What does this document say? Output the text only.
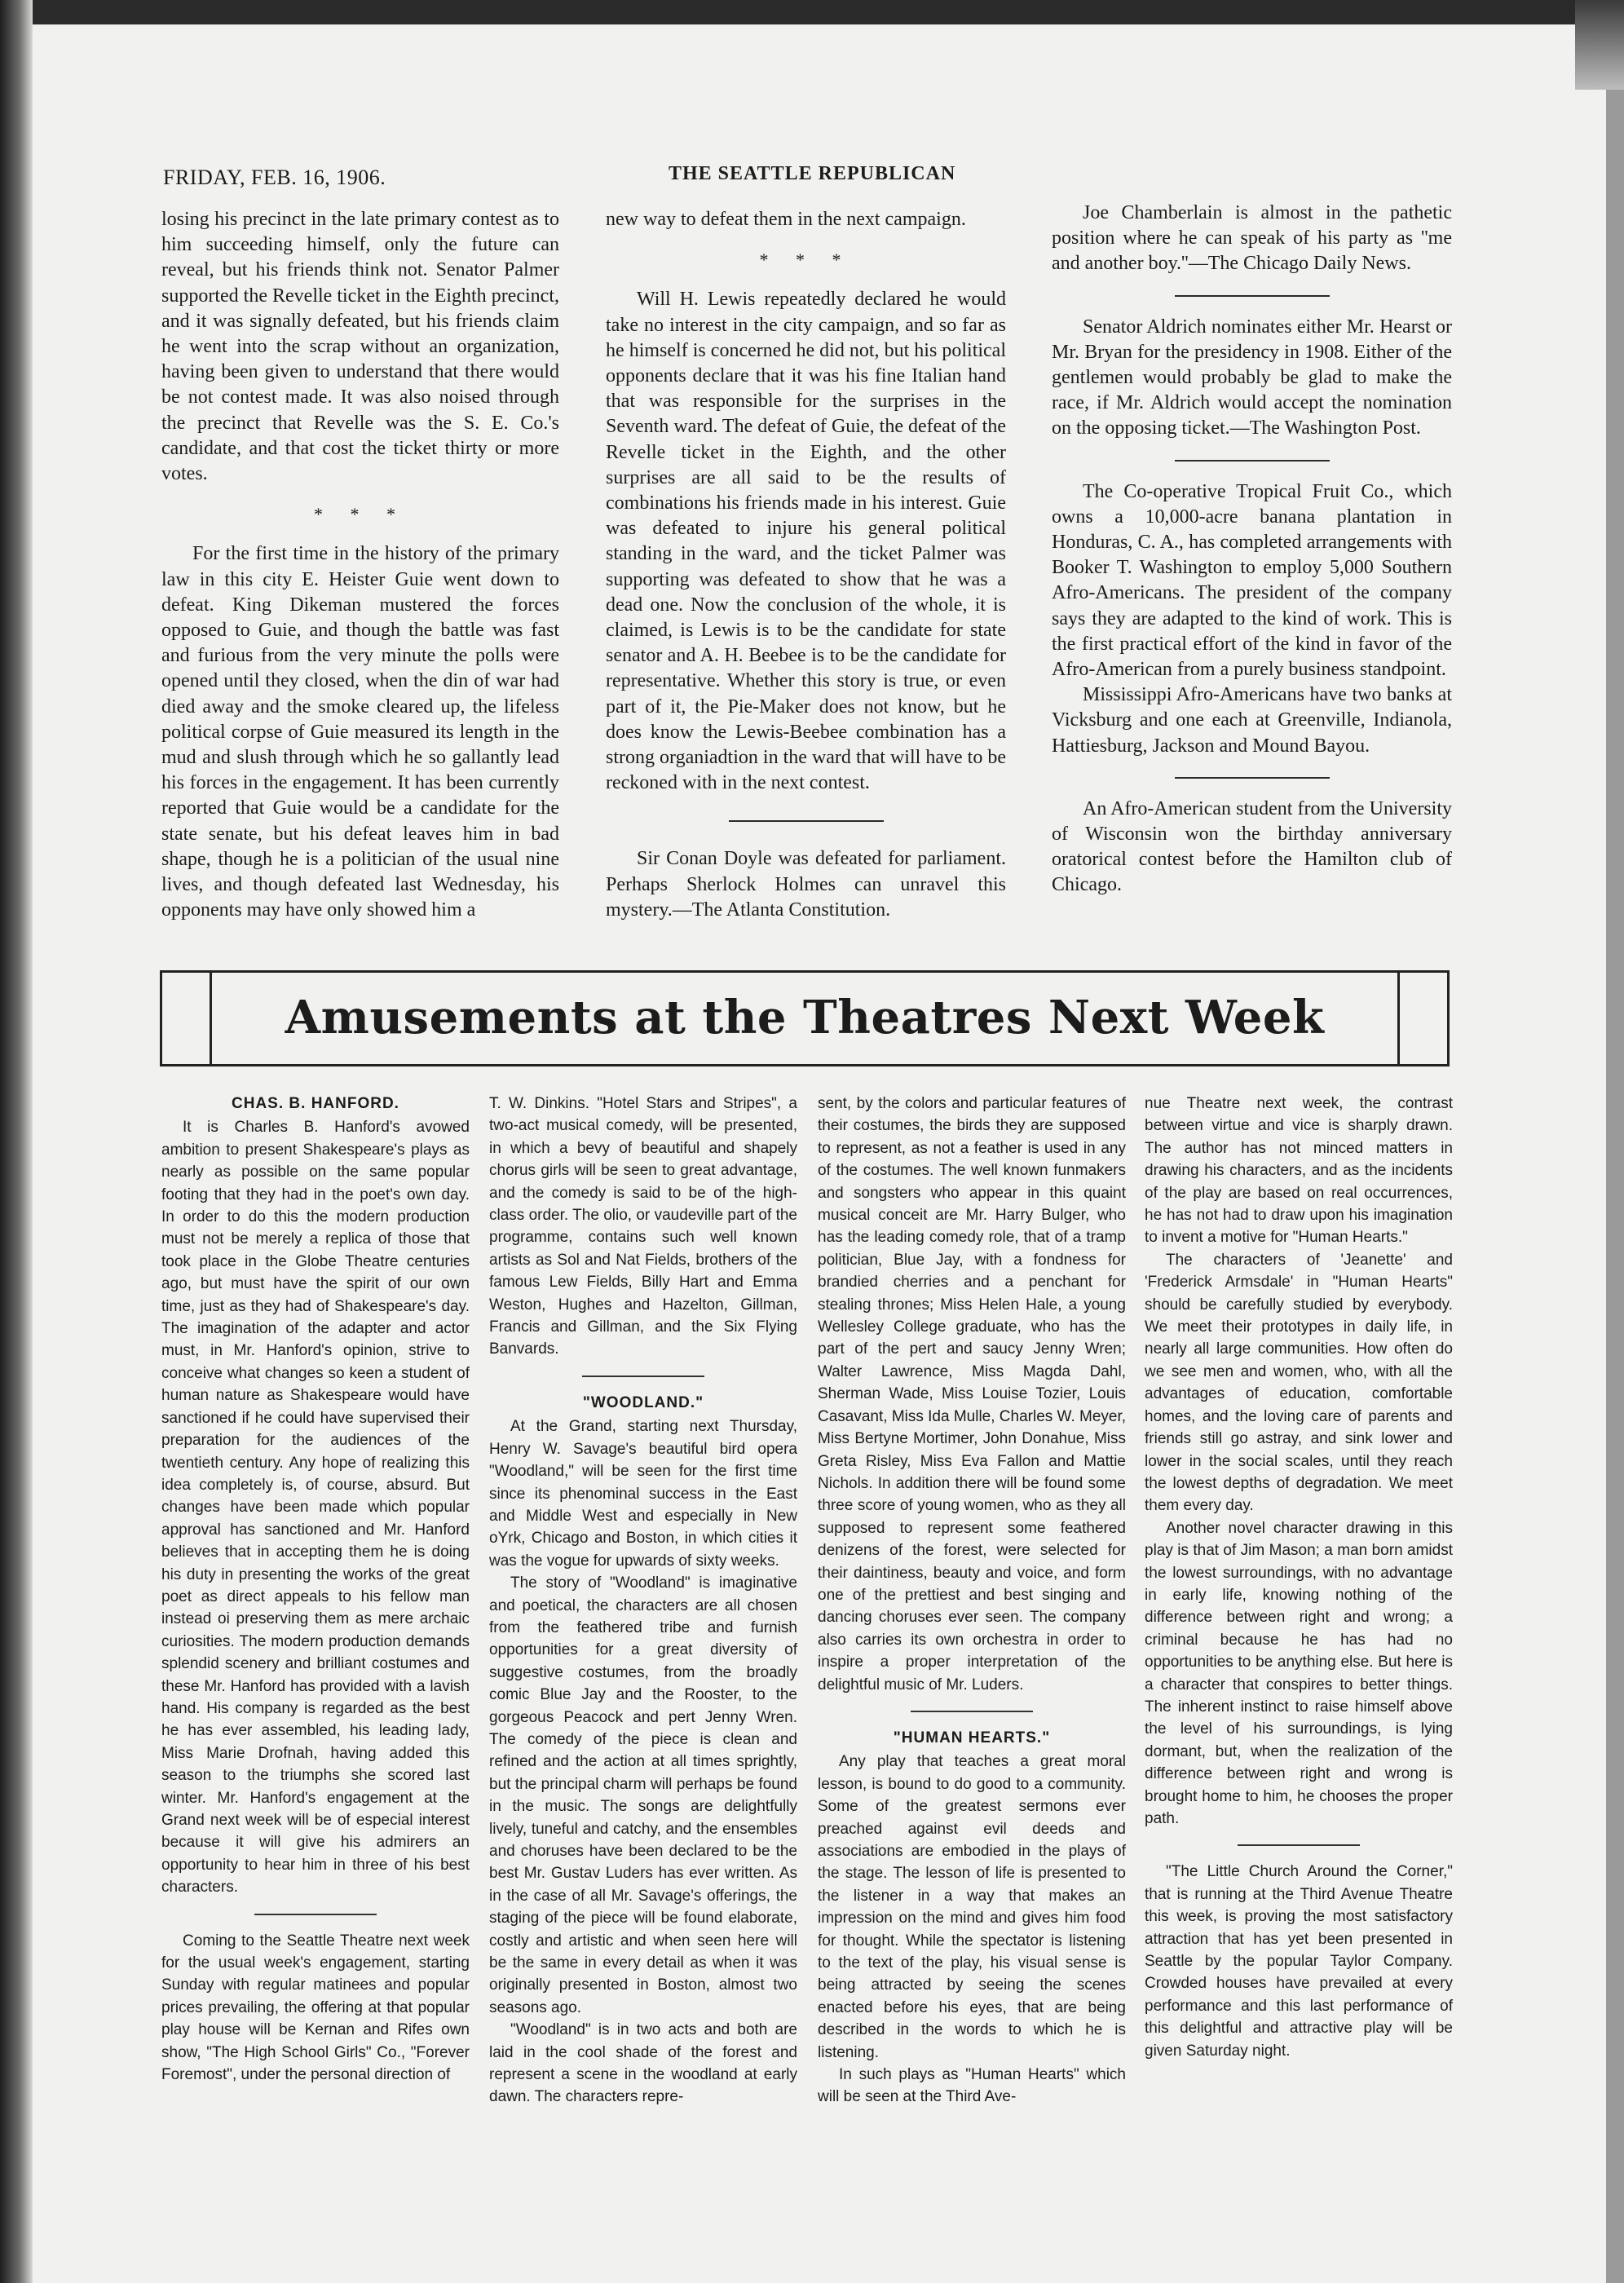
FRIDAY, FEB. 16, 1906.	THE SEATTLE REPUBLICAN

losing his precinct in the late primary contest as to him succeeding himself, only the future can reveal, but his friends think not. Senator Palmer supported the Revelle ticket in the Eighth precinct, and it was signally defeated, but his friends claim he went into the scrap without an organization, having been given to understand that there would be not contest made. It was also noised through the precinct that Revelle was the S. E. Co.'s candidate, and that cost the ticket thirty or more votes.

* * *

For the first time in the history of the primary law in this city E. Heister Guie went down to defeat. King Dikeman mustered the forces opposed to Guie, and though the battle was fast and furious from the very minute the polls were opened until they closed, when the din of war had died away and the smoke cleared up, the lifeless political corpse of Guie measured its length in the mud and slush through which he so gallantly lead his forces in the engagement. It has been currently reported that Guie would be a candidate for the state senate, but his defeat leaves him in bad shape, though he is a politician of the usual nine lives, and though defeated last Wednesday, his opponents may have only showed him a

new way to defeat them in the next campaign.

* * *

Will H. Lewis repeatedly declared he would take no interest in the city campaign, and so far as he himself is concerned he did not, but his political opponents declare that it was his fine Italian hand that was responsible for the surprises in the Seventh ward. The defeat of Guie, the defeat of the Revelle ticket in the Eighth, and the other surprises are all said to be the results of combinations his friends made in his interest. Guie was defeated to injure his general political standing in the ward, and the ticket Palmer was supporting was defeated to show that he was a dead one. Now the conclusion of the whole, it is claimed, is Lewis is to be the candidate for state senator and A. H. Beebee is to be the candidate for representative. Whether this story is true, or even part of it, the Pie-Maker does not know, but he does know the Lewis-Beebee combination has a strong organiadtion in the ward that will have to be reckoned with in the next contest.

Sir Conan Doyle was defeated for parliament. Perhaps Sherlock Holmes can unravel this mystery.—The Atlanta Constitution.

Joe Chamberlain is almost in the pathetic position where he can speak of his party as ''me and another boy.''—The Chicago Daily News.

Senator Aldrich nominates either Mr. Hearst or Mr. Bryan for the presidency in 1908. Either of the gentlemen would probably be glad to make the race, if Mr. Aldrich would accept the nomination on the opposing ticket.—The Washington Post.

The Co-operative Tropical Fruit Co., which owns a 10,000-acre banana plantation in Honduras, C. A., has completed arrangements with Booker T. Washington to employ 5,000 Southern Afro-Americans. The president of the company says they are adapted to the kind of work. This is the first practical effort of the kind in favor of the Afro-American from a purely business standpoint.

Mississippi Afro-Americans have two banks at Vicksburg and one each at Greenville, Indianola, Hattiesburg, Jackson and Mound Bayou.

An Afro-American student from the University of Wisconsin won the birthday anniversary oratorical contest before the Hamilton club of Chicago.

Amusements at the Theatres Next Week
CHAS. B. HANFORD.

It is Charles B. Hanford's avowed ambition to present Shakespeare's plays as nearly as possible on the same popular footing that they had in the poet's own day. In order to do this the modern production must not be merely a replica of those that took place in the Globe Theatre centuries ago, but must have the spirit of our own time, just as they had of Shakespeare's day. The imagination of the adapter and actor must, in Mr. Hanford's opinion, strive to conceive what changes so keen a student of human nature as Shakespeare would have sanctioned if he could have supervised their preparation for the audiences of the twentieth century. Any hope of realizing this idea completely is, of course, absurd. But changes have been made which popular approval has sanctioned and Mr. Hanford believes that in accepting them he is doing his duty in presenting the works of the great poet as direct appeals to his fellow man instead oi preserving them as mere archaic curiosities. The modern production demands splendid scenery and brilliant costumes and these Mr. Hanford has provided with a lavish hand. His company is regarded as the best he has ever assembled, his leading lady, Miss Marie Drofnah, having added this season to the triumphs she scored last winter. Mr. Hanford's engagement at the Grand next week will be of especial interest because it will give his admirers an opportunity to hear him in three of his best characters.

Coming to the Seattle Theatre next week for the usual week's engagement, starting Sunday with regular matinees and popular prices prevailing, the offering at that popular play house will be Kernan and Rifes own show, "The High School Girls" Co., "Forever Foremost", under the personal direction of

T. W. Dinkins. "Hotel Stars and Stripes", a two-act musical comedy, will be presented, in which a bevy of beautiful and shapely chorus girls will be seen to great advantage, and the comedy is said to be of the high-class order. The olio, or vaudeville part of the programme, contains such well known artists as Sol and Nat Fields, brothers of the famous Lew Fields, Billy Hart and Emma Weston, Hughes and Hazelton, Gillman, Francis and Gillman, and the Six Flying Banvards.

"WOODLAND."

At the Grand, starting next Thursday, Henry W. Savage's beautiful bird opera "Woodland," will be seen for the first time since its phenominal success in the East and Middle West and especially in New oYrk, Chicago and Boston, in which cities it was the vogue for upwards of sixty weeks.

The story of "Woodland" is imaginative and poetical, the characters are all chosen from the feathered tribe and furnish opportunities for a great diversity of suggestive costumes, from the broadly comic Blue Jay and the Rooster, to the gorgeous Peacock and pert Jenny Wren. The comedy of the piece is clean and refined and the action at all times sprightly, but the principal charm will perhaps be found in the music. The songs are delightfully lively, tuneful and catchy, and the ensembles and choruses have been declared to be the best Mr. Gustav Luders has ever written. As in the case of all Mr. Savage's offerings, the staging of the piece will be found elaborate, costly and artistic and when seen here will be the same in every detail as when it was originally presented in Boston, almost two seasons ago.

"Woodland" is in two acts and both are laid in the cool shade of the forest and represent a scene in the woodland at early dawn. The characters repre-

sent, by the colors and particular features of their costumes, the birds they are supposed to represent, as not a feather is used in any of the costumes. The well known funmakers and songsters who appear in this quaint musical conceit are Mr. Harry Bulger, who has the leading comedy role, that of a tramp politician, Blue Jay, with a fondness for brandied cherries and a penchant for stealing thrones; Miss Helen Hale, a young Wellesley College graduate, who has the part of the pert and saucy Jenny Wren; Walter Lawrence, Miss Magda Dahl, Sherman Wade, Miss Louise Tozier, Louis Casavant, Miss Ida Mulle, Charles W. Meyer, Miss Bertyne Mortimer, John Donahue, Miss Greta Risley, Miss Eva Fallon and Mattie Nichols. In addition there will be found some three score of young women, who as they all supposed to represent some feathered denizens of the forest, were selected for their daintiness, beauty and voice, and form one of the prettiest and best singing and dancing choruses ever seen. The company also carries its own orchestra in order to inspire a proper interpretation of the delightful music of Mr. Luders.

"HUMAN HEARTS."

Any play that teaches a great moral lesson, is bound to do good to a community. Some of the greatest sermons ever preached against evil deeds and associations are embodied in the plays of the stage. The lesson of life is presented to the listener in a way that makes an impression on the mind and gives him food for thought. While the spectator is listening to the text of the play, his visual sense is being attracted by seeing the scenes enacted before his eyes, that are being described in the words to which he is listening.

In such plays as "Human Hearts" which will be seen at the Third Ave-

nue Theatre next week, the contrast between virtue and vice is sharply drawn. The author has not minced matters in drawing his characters, and as the incidents of the play are based on real occurrences, he has not had to draw upon his imagination to invent a motive for "Human Hearts."

The characters of 'Jeanette' and 'Frederick Armsdale' in "Human Hearts" should be carefully studied by everybody. We meet their prototypes in daily life, in nearly all large communities. How often do we see men and women, who, with all the advantages of education, comfortable homes, and the loving care of parents and friends still go astray, and sink lower and lower in the social scales, until they reach the lowest depths of degradation. We meet them every day.

Another novel character drawing in this play is that of Jim Mason; a man born amidst the lowest surroundings, with no advantage in early life, knowing nothing of the difference between right and wrong; a criminal because he has had no opportunities to be anything else. But here is a character that conspires to better things. The inherent instinct to raise himself above the level of his surroundings, is lying dormant, but, when the realization of the difference between right and wrong is brought home to him, he chooses the proper path.

"The Little Church Around the Corner," that is running at the Third Avenue Theatre this week, is proving the most satisfactory attraction that has yet been presented in Seattle by the popular Taylor Company. Crowded houses have prevailed at every performance and this last performance of this delightful and attractive play will be given Saturday night.
